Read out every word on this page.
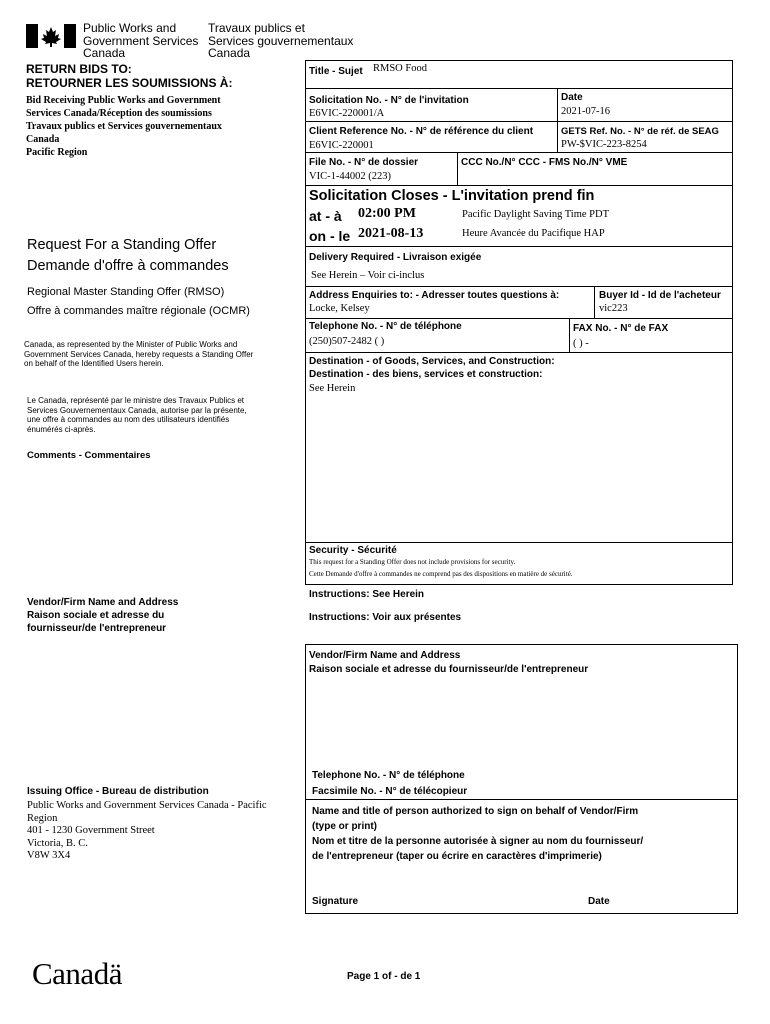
Public Works and
Government Services
Canada
Travaux publics et
Services gouvernementaux
Canada
RETURN BIDS TO:
RETOURNER LES SOUMISSIONS À:
Bid Receiving Public Works and Government
Services Canada/Réception des soumissions
Travaux publics et Services gouvernementaux
Canada
Pacific Region
Request For a Standing Offer
Demande d'offre à commandes
Regional Master Standing Offer (RMSO)
Offre à commandes maître régionale (OCMR)
Canada, as represented by the Minister of Public Works and
Government Services Canada, hereby requests a Standing Offer
on behalf of the Identified Users herein.
Le Canada, représenté par le ministre des Travaux Publics et
Services Gouvernementaux Canada, autorise par la présente,
une offre à commandes au nom des utilisateurs identifiés
énumérés ci-après.
Comments - Commentaires
Vendor/Firm Name and Address
Raison sociale et adresse du
fournisseur/de l'entrepreneur
Issuing Office - Bureau de distribution
Public Works and Government Services Canada - Pacific
Region
401 - 1230 Government Street
Victoria, B. C.
V8W 3X4
Title - Sujet RMSO Food
Solicitation No. - N° de l'invitation
E6VIC-220001/A
Date
2021-07-16
Client Reference No. - N° de référence du client
E6VIC-220001
GETS Ref. No. - N° de réf. de SEAG
PW-$VIC-223-8254
File No. - N° de dossier
VIC-1-44002 (223)
CCC No./N° CCC - FMS No./N° VME
Solicitation Closes - L'invitation prend fin
at - à 02:00 PM	Pacific Daylight Saving Time PDT
on - le 2021-08-13	Heure Avancée du Pacifique HAP
Delivery Required - Livraison exigée
See Herein – Voir ci-inclus
Address Enquiries to: - Adresser toutes questions à:
Locke, Kelsey
Buyer Id - Id de l'acheteur
vic223
Telephone No. - N° de téléphone
(250)507-2482 ( )
FAX No. - N° de FAX
( ) -
Destination - of Goods, Services, and Construction:
Destination - des biens, services et construction:
See Herein
Security - Sécurité
This request for a Standing Offer does not include provisions for security.
Cette Demande d'offre à commandes ne comprend pas des dispositions en matière de sécurité.
Instructions: See Herein
Instructions: Voir aux présentes
Vendor/Firm Name and Address
Raison sociale et adresse du fournisseur/de l'entrepreneur
Telephone No. - N° de téléphone
Facsimile No. - N° de télécopieur
Name and title of person authorized to sign on behalf of Vendor/Firm
(type or print)
Nom et titre de la personne autorisée à signer au nom du fournisseur/
de l'entrepreneur (taper ou écrire en caractères d'imprimerie)
Signature	Date
Canadä	Page 1 of - de 1
